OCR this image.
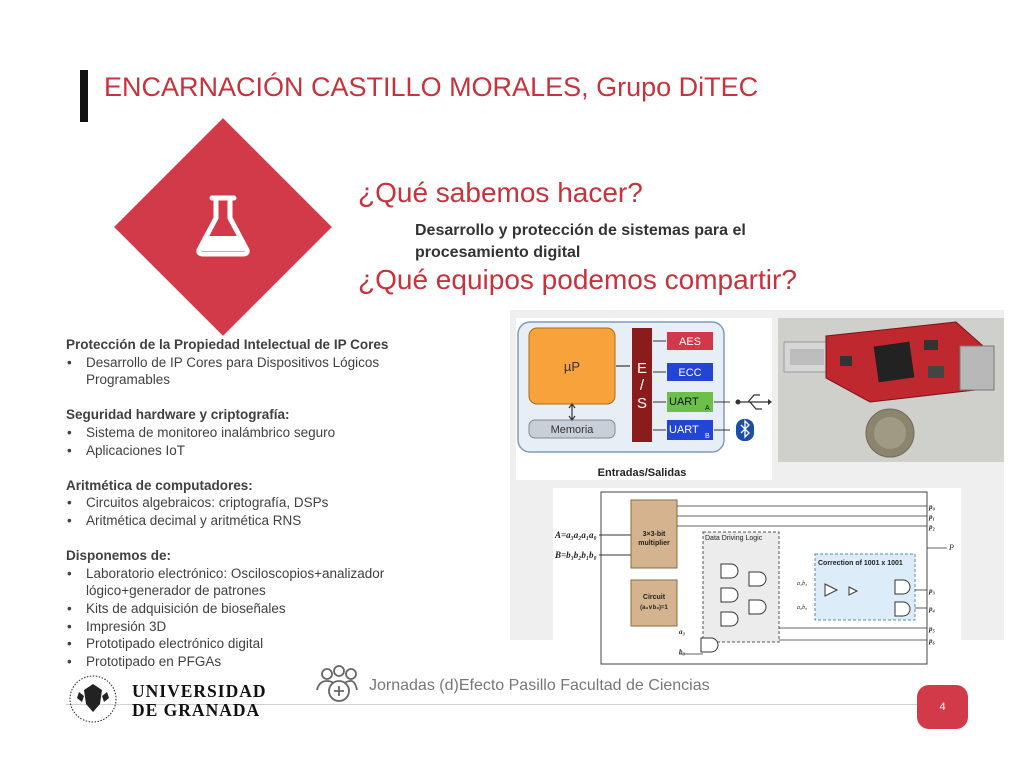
ENCARNACIÓN CASTILLO MORALES, Grupo DiTEC
¿Qué sabemos hacer?
Desarrollo y protección de sistemas para el procesamiento digital
¿Qué equipos podemos compartir?
Protección de la Propiedad Intelectual de IP Cores
• Desarrollo de IP Cores para Dispositivos Lógicos Programables
Seguridad hardware y criptografía:
• Sistema de monitoreo inalámbrico seguro
• Aplicaciones IoT
Aritmética de computadores:
• Circuitos algebraicos: criptografía, DSPs
• Aritmética decimal y aritmética RNS
Disponemos de:
• Laboratorio electrónico: Osciloscopios+analizador lógico+generador de patrones
• Kits de adquisición de bioseñales
• Impresión 3D
• Prototipado electrónico digital
• Prototipado en PFGAs
µP
Memoria
E
/
S
AES
ECC
UART
A
UART
B
Entradas/Salidas
A=a₃a₂a₁a₀
B=b₃b₂b₁b₀
3×3-bit
multiplier
Circuit
(a₃∨b₃)=1
Data Driving Logic
Correction of 1001 x 1001
a₃b₃
a₀b₀
a₃
b₃
P
p₀
p₁
p₂
p₃
p₄
p₅
p₆
UNIVERSIDAD
DE GRANADA
Jornadas (d)Efecto Pasillo Facultad de Ciencias
4
